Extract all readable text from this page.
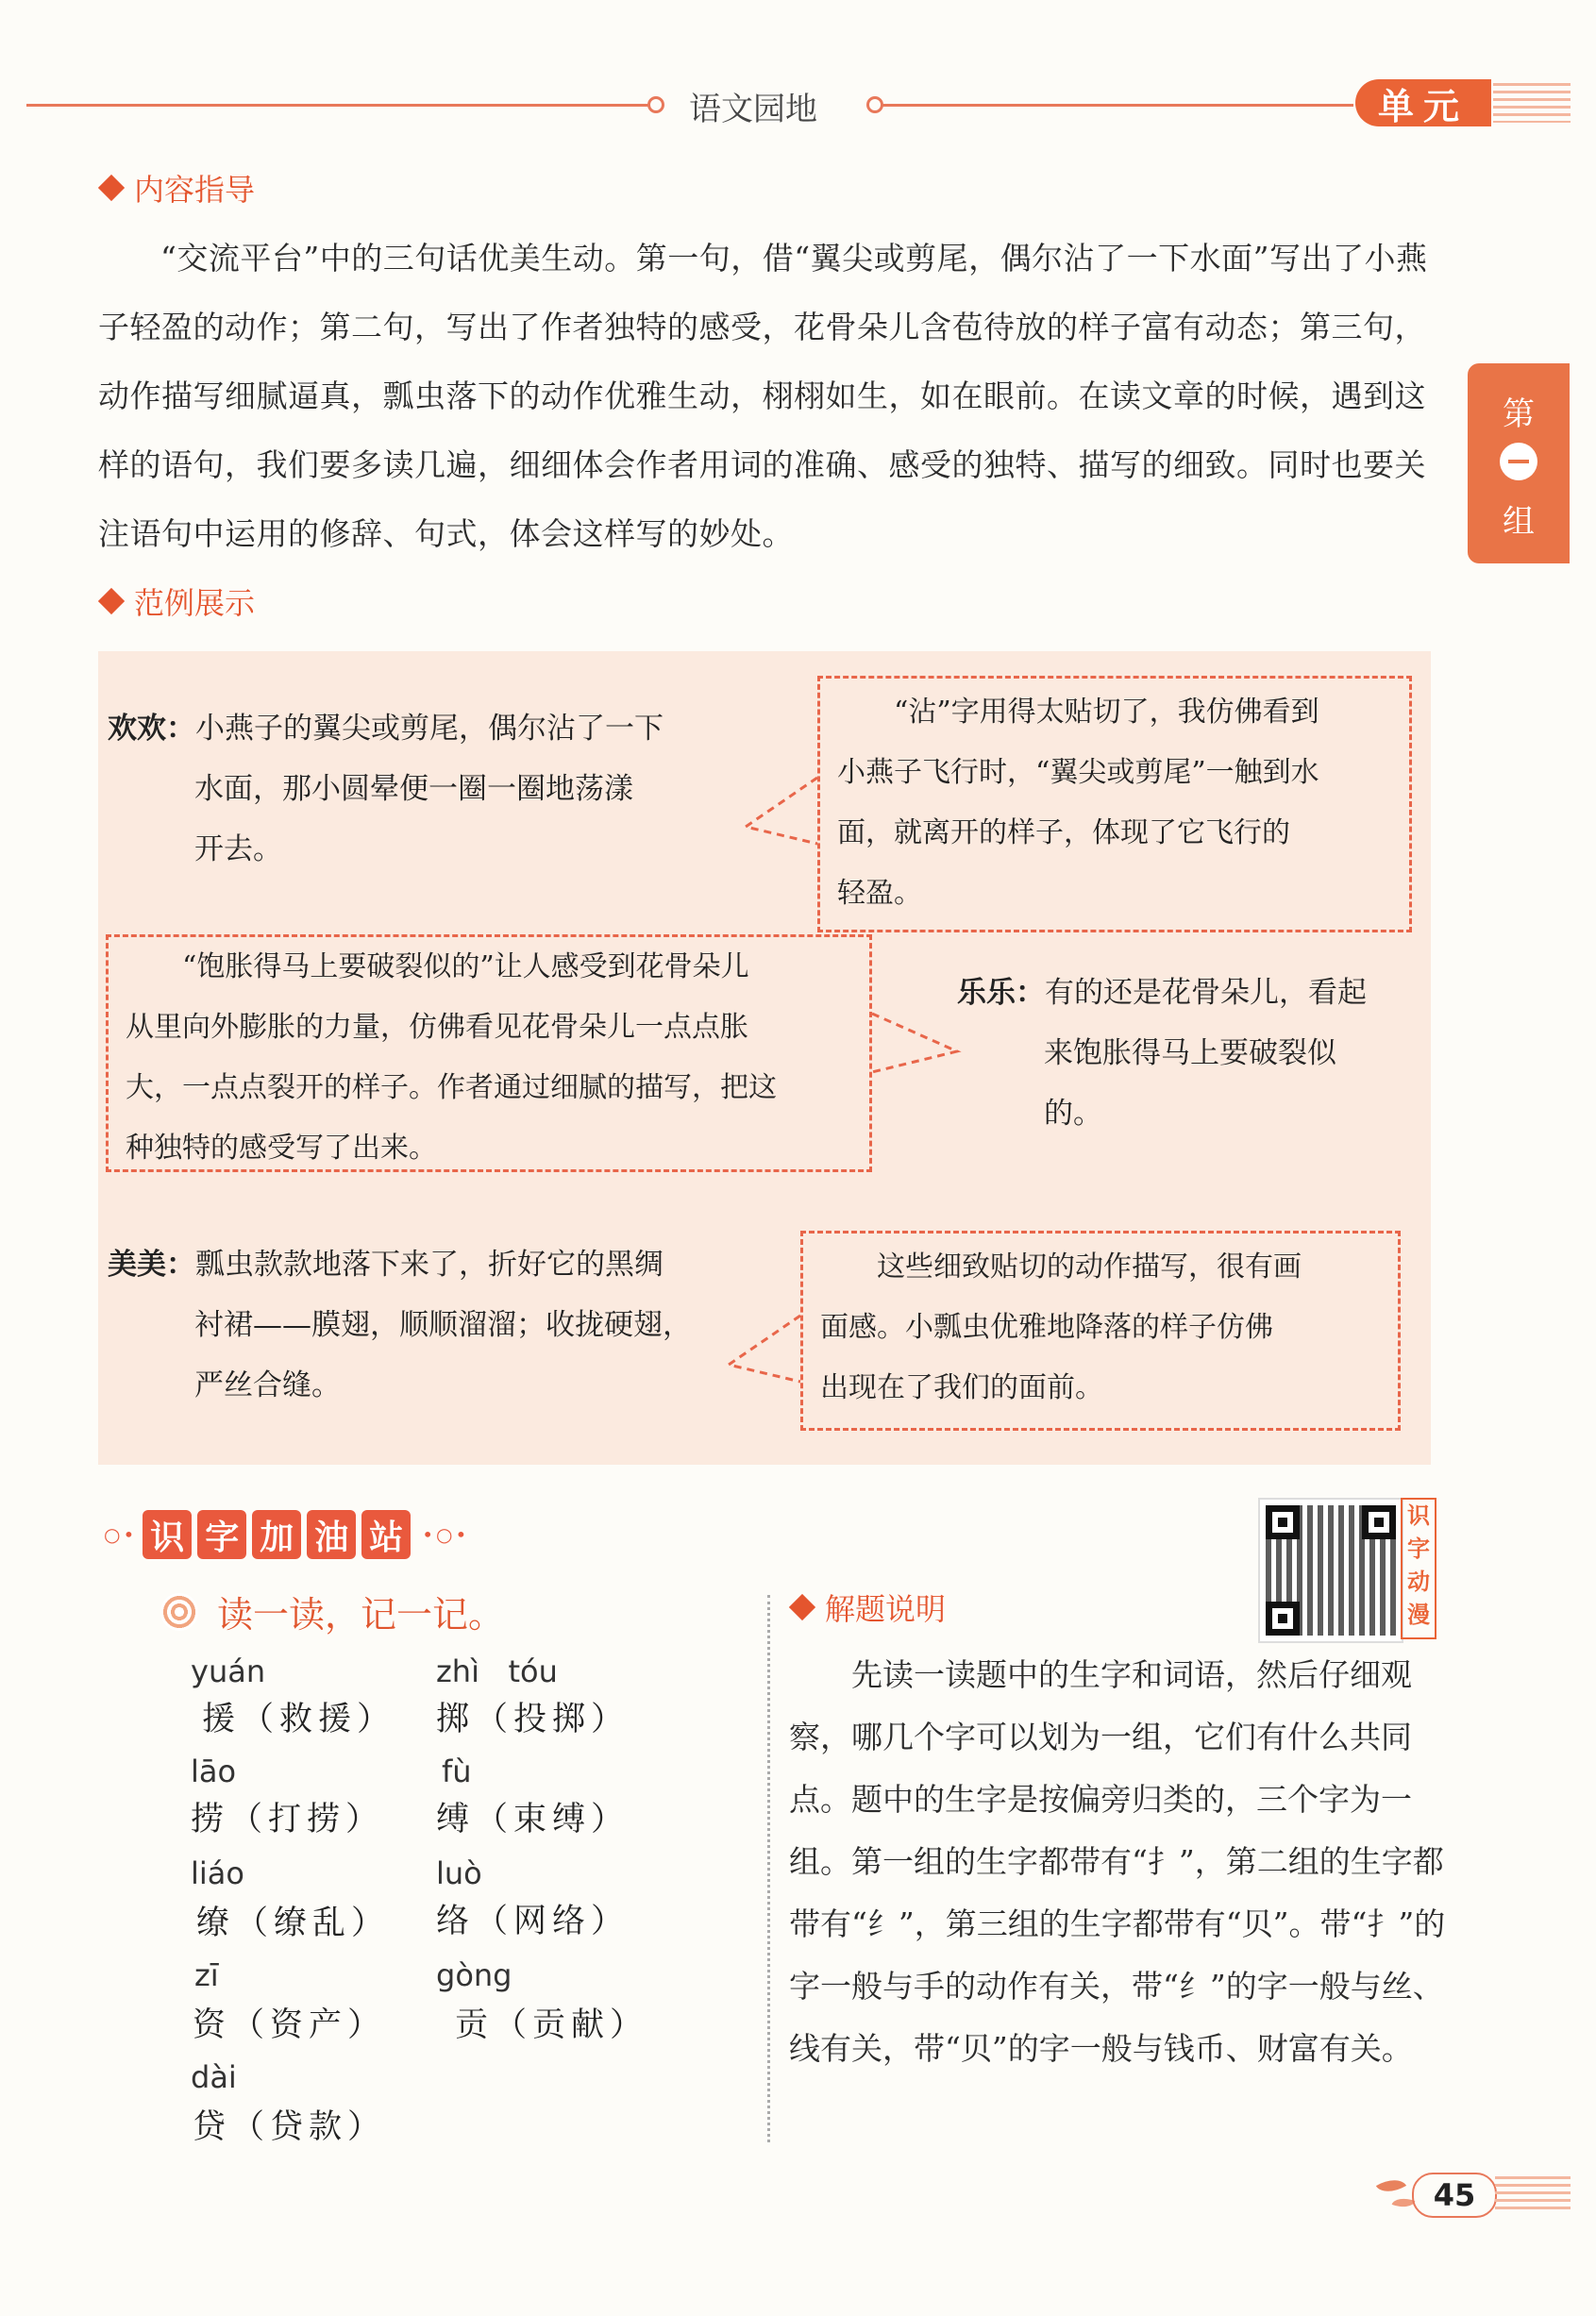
语文园地	单元
第
组
内容指导
“交流平台”中的三句话优美生动。第一句，借“翼尖或剪尾，偶尔沾了一下水面”写出了小燕子轻盈的动作；第二句，写出了作者独特的感受，花骨朵儿含苞待放的样子富有动态；第三句，动作描写细腻逼真，瓢虫落下的动作优雅生动，栩栩如生，如在眼前。在读文章的时候，遇到这样的语句，我们要多读几遍，细细体会作者用词的准确、感受的独特、描写的细致。同时也要关注语句中运用的修辞、句式，体会这样写的妙处。
范例展示
欢欢：小燕子的翼尖或剪尾，偶尔沾了一下
水面，那小圆晕便一圈一圈地荡漾
开去。
“沾”字用得太贴切了，我仿佛看到
小燕子飞行时，“翼尖或剪尾”一触到水
面，就离开的样子，体现了它飞行的
轻盈。
“饱胀得马上要破裂似的”让人感受到花骨朵儿
从里向外膨胀的力量，仿佛看见花骨朵儿一点点胀
大，一点点裂开的样子。作者通过细腻的描写，把这
种独特的感受写了出来。
乐乐：有的还是花骨朵儿，看起
来饱胀得马上要破裂似
的。
美美：瓢虫款款地落下来了，折好它的黑绸
衬裙——膜翅，顺顺溜溜；收拢硬翅，
严丝合缝。
这些细致贴切的动作描写，很有画
面感。小瓢虫优雅地降落的样子仿佛
出现在了我们的面前。
○• 识 字 加 油 站	•○•
读一读，记一记。
yuán
援（救援）
zhì   tóu
掷（投掷）
lāo
捞（打捞）
fù
缚（束缚）
liáo
缭（缭乱）
luò
络（网络）
zī
资（资产）
gòng
贡（贡献）
dài
贷（贷款）
识
字
动
漫
解题说明
先读一读题中的生字和词语，然后仔细观察，哪几个字可以划为一组，它们有什么共同点。题中的生字是按偏旁归类的，三个字为一组。第一组的生字都带有“扌”，第二组的生字都带有“纟”，第三组的生字都带有“贝”。带“扌”的字一般与手的动作有关，带“纟”的字一般与丝、线有关，带“贝”的字一般与钱币、财富有关。
45
